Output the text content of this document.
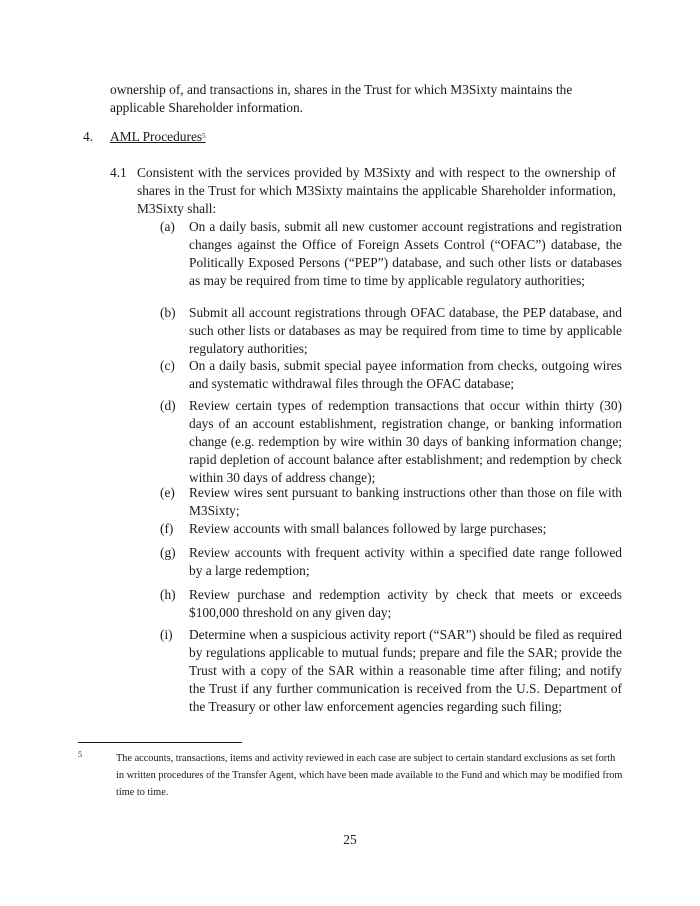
ownership of, and transactions in, shares in the Trust for which M3Sixty maintains the applicable Shareholder information.
4. AML Procedures$^5$
4.1 Consistent with the services provided by M3Sixty and with respect to the ownership of shares in the Trust for which M3Sixty maintains the applicable Shareholder information, M3Sixty shall:
(a) On a daily basis, submit all new customer account registrations and registration changes against the Office of Foreign Assets Control (“OFAC”) database, the Politically Exposed Persons (“PEP”) database, and such other lists or databases as may be required from time to time by applicable regulatory authorities;
(b) Submit all account registrations through OFAC database, the PEP database, and such other lists or databases as may be required from time to time by applicable regulatory authorities;
(c) On a daily basis, submit special payee information from checks, outgoing wires and systematic withdrawal files through the OFAC database;
(d) Review certain types of redemption transactions that occur within thirty (30) days of an account establishment, registration change, or banking information change (e.g. redemption by wire within 30 days of banking information change; rapid depletion of account balance after establishment; and redemption by check within 30 days of address change);
(e) Review wires sent pursuant to banking instructions other than those on file with M3Sixty;
(f) Review accounts with small balances followed by large purchases;
(g) Review accounts with frequent activity within a specified date range followed by a large redemption;
(h) Review purchase and redemption activity by check that meets or exceeds $100,000 threshold on any given day;
(i) Determine when a suspicious activity report (“SAR”) should be filed as required by regulations applicable to mutual funds; prepare and file the SAR; provide the Trust with a copy of the SAR within a reasonable time after filing; and notify the Trust if any further communication is received from the U.S. Department of the Treasury or other law enforcement agencies regarding such filing;
5	The accounts, transactions, items and activity reviewed in each case are subject to certain standard exclusions as set forth in written procedures of the Transfer Agent, which have been made available to the Fund and which may be modified from time to time.
25
